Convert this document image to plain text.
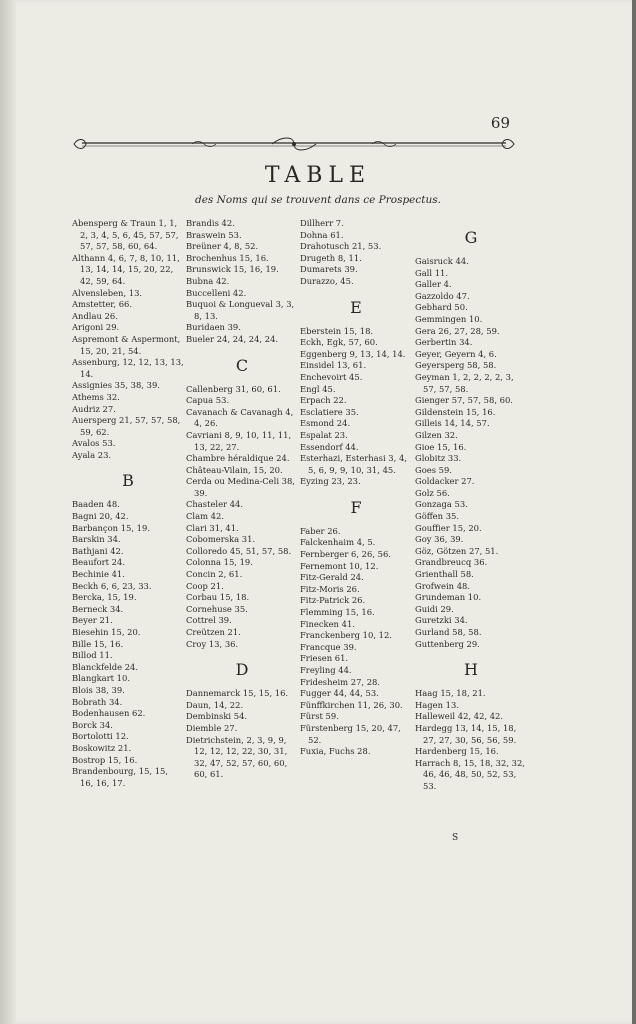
69
TABLE
des Noms qui se trouvent dans ce Prospectus.
Abensperg & Traun 1, 1, 2, 3, 4, 5, 6, 45, 57, 57, 57, 57, 58, 60, 64.
Althann 4, 6, 7, 8, 10, 11, 13, 14, 14, 15, 20, 22, 42, 59, 64.
Alvensleben, 13.
Amstetter, 66.
Andlau 26.
Arigoni 29.
Aspremont & Aspermont, 15, 20, 21, 54.
Assenburg, 12, 12, 13, 13, 14.
Assignies 35, 38, 39.
Athems 32.
Audriz 27.
Auersperg 21, 57, 57, 58, 59, 62.
Avalos 53.
Ayala 23.
B
Baaden 48.
Bagni 20, 42.
Barbançon 15, 19.
Barskin 34.
Bathjani 42.
Beaufort 24.
Bechinie 41.
Beckh 6, 6, 23, 33.
Berckа, 15, 19.
Berneck 34.
Beyer 21.
Biesehin 15, 20.
Bille 15, 16.
Billod 11.
Blanckfelde 24.
Blangkart 10.
Blois 38, 39.
Bobrath 34.
Bodenhausen 62.
Borck 34.
Bortolotti 12.
Boskowitz 21.
Bostrop 15, 16.
Brandenbourg, 15, 15, 16, 16, 17.
Brandis 42.
Braswein 53.
Breüner 4, 8, 52.
Brochenhus 15, 16.
Brunswick 15, 16, 19.
Bubna 42.
Buccelleni 42.
Buquoi & Longueval 3, 3, 8, 13.
Buridaen 39.
Bueler 24, 24, 24, 24.
C
Callenberg 31, 60, 61.
Capua 53.
Cavanach & Cavanagh 4, 4, 26.
Cavriani 8, 9, 10, 11, 11, 13, 22, 27.
Chambre héraldique 24.
Château-Vilain, 15, 20.
Cerda ou Medina-Celi 38, 39.
Chasteler 44.
Clam 42.
Clari 31, 41.
Cobomerska 31.
Colloredo 45, 51, 57, 58.
Colonna 15, 19.
Concin 2, 61.
Coop 21.
Corbau 15, 18.
Cornehuse 35.
Cottrel 39.
Creützen 21.
Croy 13, 36.
D
Dannemarck 15, 15, 16.
Daun, 14, 22.
Dembinski 54.
Diemble 27.
Dietrichstein, 2, 3, 9, 9, 12, 12, 12, 22, 30, 31, 32, 47, 52, 57, 60, 60, 60, 61.
Dillherr 7.
Dohna 61.
Drahotusch 21, 53.
Drugeth 8, 11.
Dumarets 39.
Durazzo, 45.
E
Eberstein 15, 18.
Eckh, Egk, 57, 60.
Eggenberg 9, 13, 14, 14.
Einsidel 13, 61.
Enchevoirt 45.
Engl 45.
Erpach 22.
Esclatiere 35.
Esmond 24.
Espalat 23.
Essendorf 44.
Esterhazi, Esterhasi 3, 4, 5, 6, 9, 9, 10, 31, 45.
Eyzing 23, 23.
F
Faber 26.
Falckenhaim 4, 5.
Fernberger 6, 26, 56.
Fernemont 10, 12.
Fitz-Gerald 24.
Fitz-Moris 26.
Fitz-Patrick 26.
Flemming 15, 16.
Finecken 41.
Franckenberg 10, 12.
Francque 39.
Friesen 61.
Freyling 44.
Fridesheim 27, 28.
Fugger 44, 44, 53.
Fünffkirchen 11, 26, 30.
Fürst 59.
Fürstenberg 15, 20, 47, 52.
Fuxia, Fuchs 28.
G
Gaisruck 44.
Gall 11.
Galler 4.
Gazzoldo 47.
Gebhard 50.
Gemmingen 10.
Gera 26, 27, 28, 59.
Gerbertin 34.
Geyer, Geyern 4, 6.
Geyersperg 58, 58.
Geyman 1, 2, 2, 2, 2, 3, 57, 57, 58.
Gienger 57, 57, 58, 60.
Gildenstein 15, 16.
Gilleis 14, 14, 57.
Gilzen 32.
Gioe 15, 16.
Globitz 33.
Goes 59.
Goldacker 27.
Golz 56.
Gonzaga 53.
Göffen 35.
Gouffier 15, 20.
Goy 36, 39.
Göz, Götzen 27, 51.
Grandbreucq 36.
Grienthall 58.
Grofwein 48.
Grundeman 10.
Guidi 29.
Guretzki 34.
Gurland 58, 58.
Guttenberg 29.
H
Haag 15, 18, 21.
Hagen 13.
Halleweil 42, 42, 42.
Hardegg 13, 14, 15, 18, 27, 27, 30, 56, 56, 59.
Hardenberg 15, 16.
Harrach 8, 15, 18, 32, 32, 46, 46, 48, 50, 52, 53, 53.
S
